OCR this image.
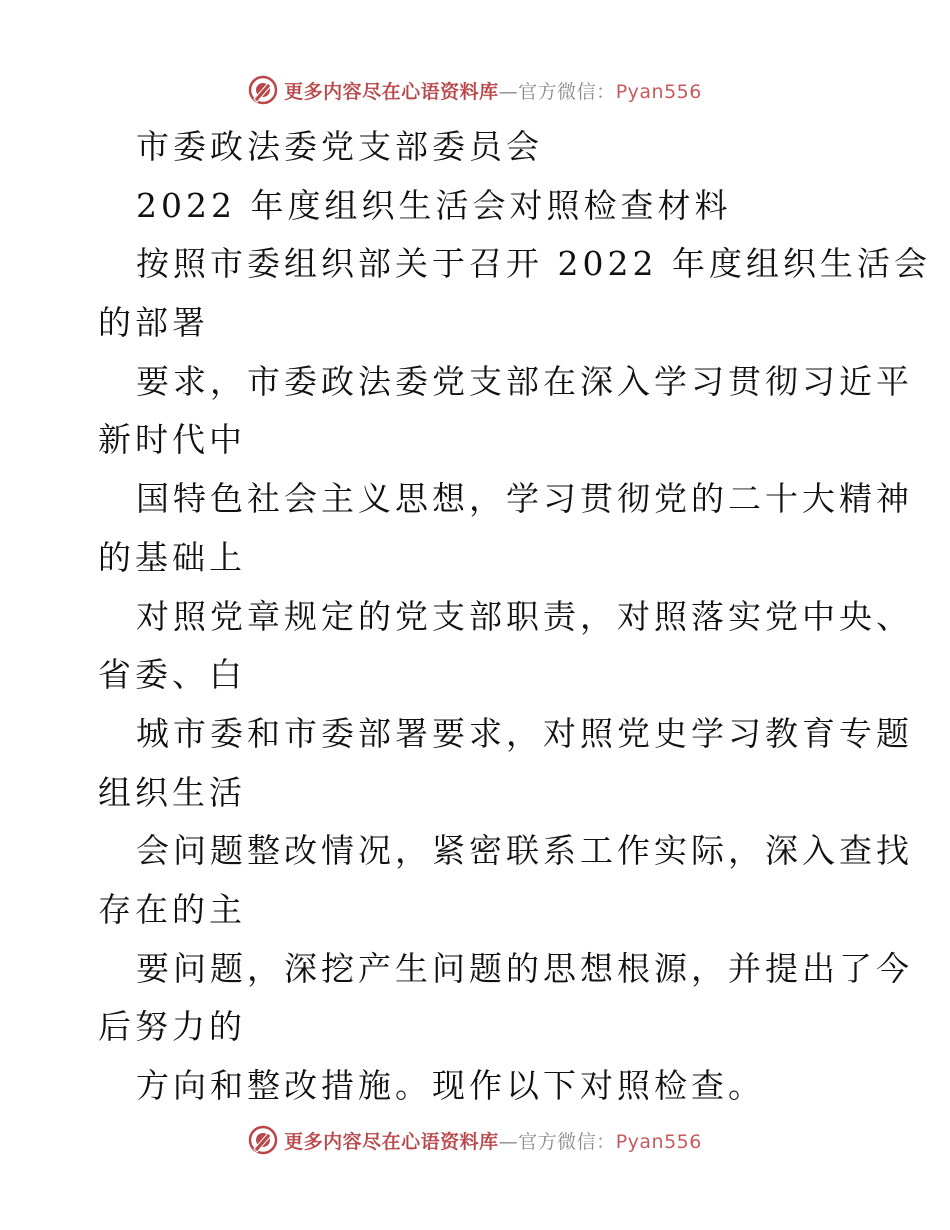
更多内容尽在心语资料库—官方微信：Pyan556
市委政法委党支部委员会
2022 年度组织生活会对照检查材料
按照市委组织部关于召开 2022 年度组织生活会
的部署
要求，市委政法委党支部在深入学习贯彻习近平
新时代中
国特色社会主义思想，学习贯彻党的二十大精神
的基础上
对照党章规定的党支部职责，对照落实党中央、
省委、白
城市委和市委部署要求，对照党史学习教育专题
组织生活
会问题整改情况，紧密联系工作实际，深入查找
存在的主
要问题，深挖产生问题的思想根源，并提出了今
后努力的
方向和整改措施。现作以下对照检查。
更多内容尽在心语资料库—官方微信：Pyan556
